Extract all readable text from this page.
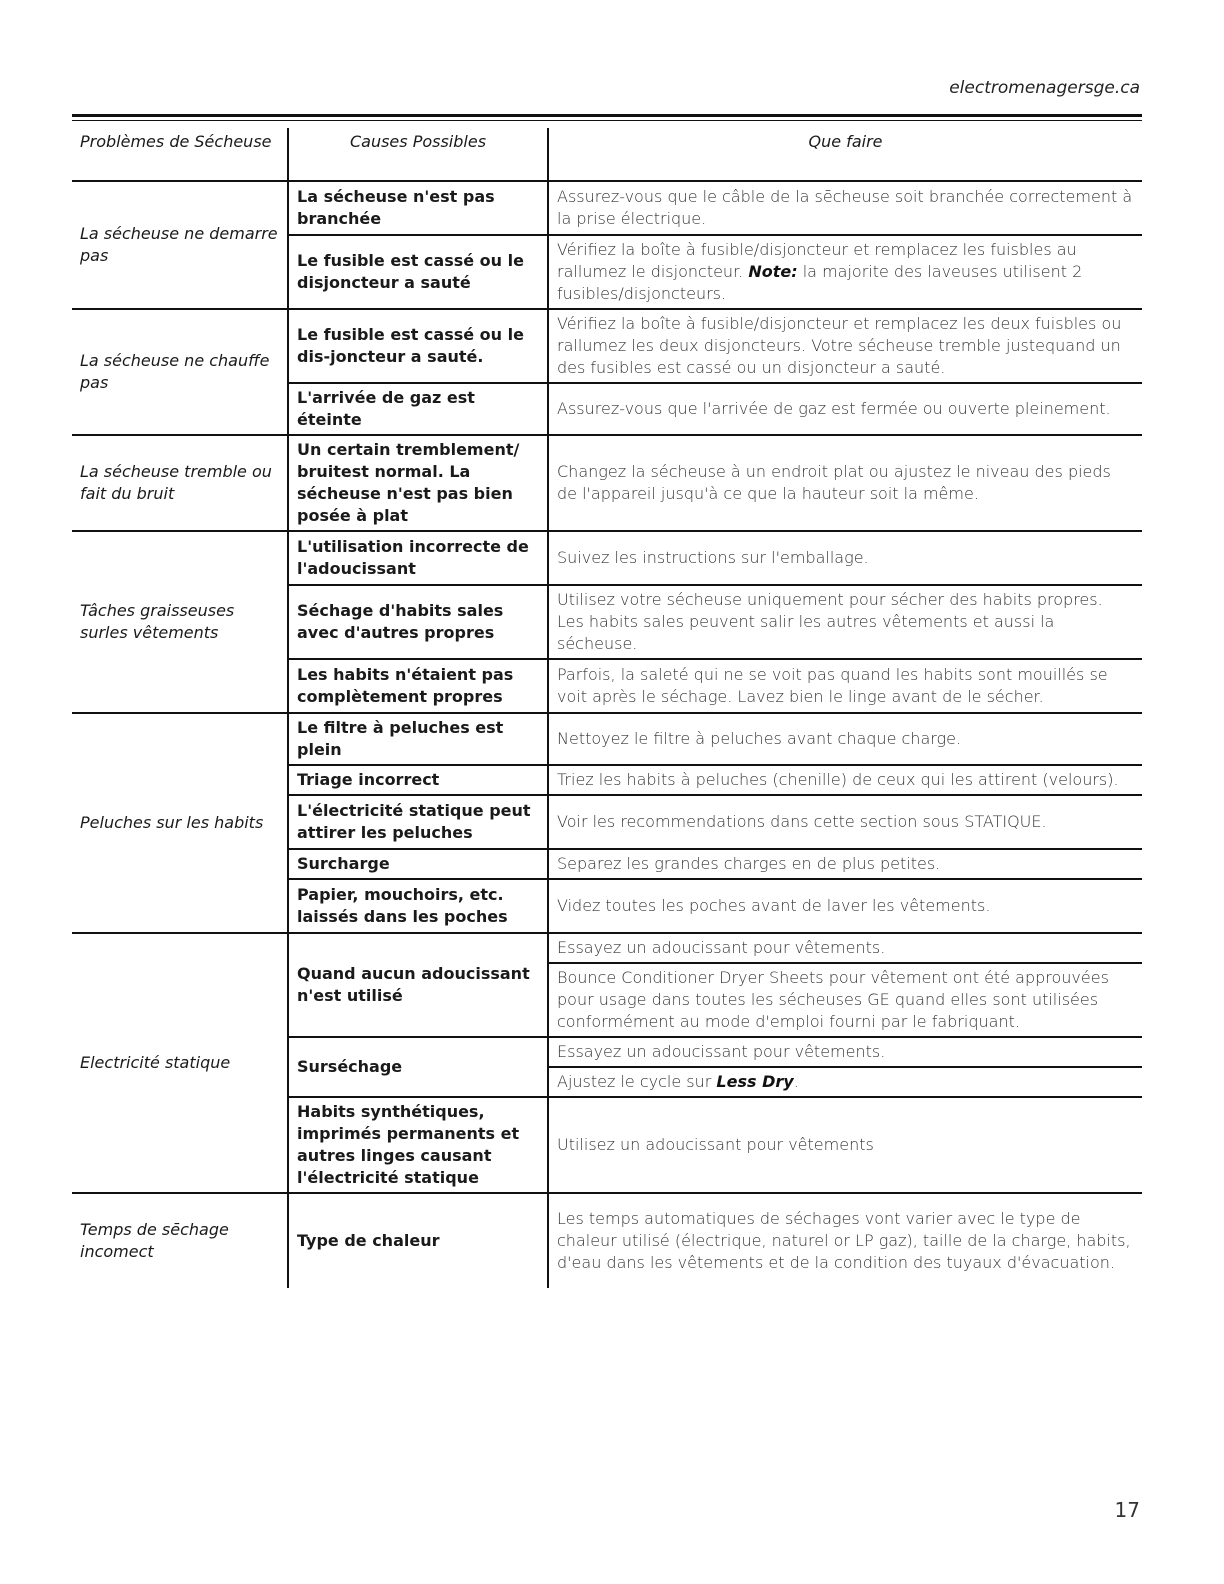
electromenagersge.ca
Problèmes de Sécheuse	Causes Possibles	Que faire
La sécheuse ne demarre pas	La sécheuse n'est pas branchée	Assurez-vous que le câble de la sēcheuse soit branchée correctement à la prise électrique.
	Le fusible est cassé ou le disjoncteur a sauté	Vérifiez la boîte à fusible/disjoncteur et remplacez les fuisbles au rallumez le disjoncteur. Note: la majorite des laveuses utilisent 2 fusibles/disjoncteurs.
La sécheuse ne chauffe pas	Le fusible est cassé ou le dis-joncteur a sauté.	Vérifiez la boîte à fusible/disjoncteur et remplacez les deux fuisbles ou rallumez les deux disjoncteurs. Votre sécheuse tremble justequand un des fusibles est cassé ou un disjoncteur a sauté.
	L'arrivée de gaz est éteinte	Assurez-vous que l'arrivée de gaz est fermée ou ouverte pleinement.
La sécheuse tremble ou fait du bruit	Un certain tremblement/ bruitest normal. La sécheuse n'est pas bien posée à plat	Changez la sécheuse à un endroit plat ou ajustez le niveau des pieds de l'appareil jusqu'à ce que la hauteur soit la même.
Tâches graisseuses surles vêtements	L'utilisation incorrecte de l'adoucissant	Suivez les instructions sur l'emballage.
	Séchage d'habits sales avec d'autres propres	Utilisez votre sécheuse uniquement pour sécher des habits propres. Les habits sales peuvent salir les autres vêtements et aussi la sécheuse.
	Les habits n'étaient pas complètement propres	Parfois, la saleté qui ne se voit pas quand les habits sont mouillés se voit après le séchage. Lavez bien le linge avant de le sécher.
Peluches sur les habits	Le filtre à peluches est plein	Nettoyez le filtre à peluches avant chaque charge.
	Triage incorrect	Triez les habits à peluches (chenille) de ceux qui les attirent (velours).
	L'électricité statique peut attirer les peluches	Voir les recommendations dans cette section sous STATIQUE.
	Surcharge	Separez les grandes charges en de plus petites.
	Papier, mouchoirs, etc. laissés dans les poches	Videz toutes les poches avant de laver les vêtements.
Electricité statique	Quand aucun adoucissant n'est utilisé	Essayez un adoucissant pour vêtements.
		Bounce Conditioner Dryer Sheets pour vêtement ont été approuvées pour usage dans toutes les sécheuses GE quand elles sont utilisées conformément au mode d'emploi fourni par le fabriquant.
	Surséchage	Essayez un adoucissant pour vêtements.
		Ajustez le cycle sur Less Dry.
	Habits synthétiques, imprimés permanents et autres linges causant l'électricité statique	Utilisez un adoucissant pour vêtements
Temps de sēchage incomect	Type de chaleur	Les temps automatiques de séchages vont varier avec le type de chaleur utilisé (électrique, naturel or LP gaz), taille de la charge, habits, d'eau dans les vêtements et de la condition des tuyaux d'évacuation.
17
